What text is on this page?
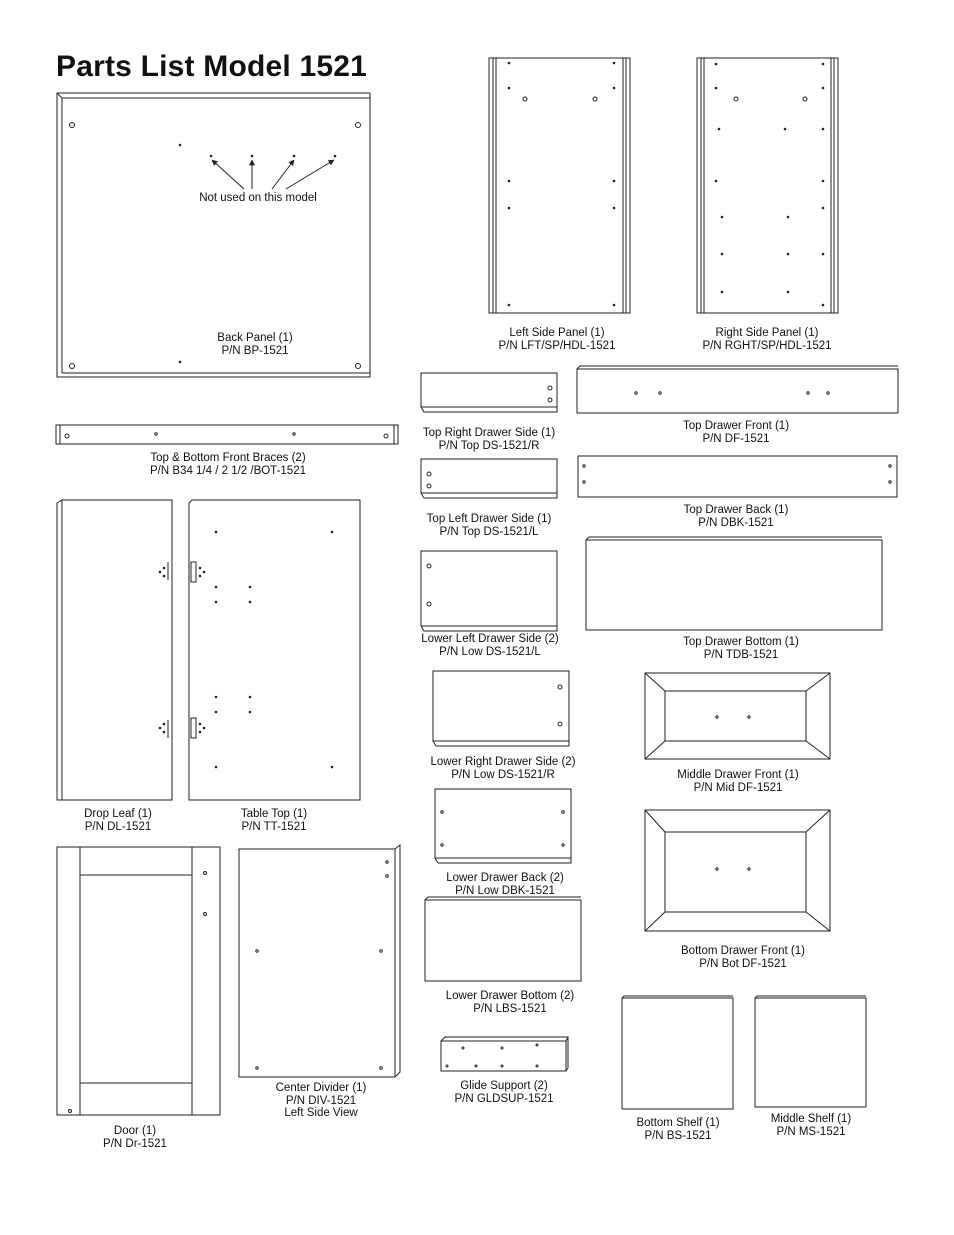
Parts List Model 1521
Not used on this model
Back Panel (1)
P/N BP-1521
Left Side Panel (1)
P/N LFT/SP/HDL-1521
Right Side Panel (1)
P/N RGHT/SP/HDL-1521
Top & Bottom Front Braces (2)
P/N B34 1/4 / 2 1/2 /BOT-1521
Top Right Drawer Side (1)
P/N Top DS-1521/R
Top Drawer Front (1)
P/N DF-1521
Top Left Drawer Side (1)
P/N Top DS-1521/L
Top Drawer Back (1)
P/N DBK-1521
Lower Left Drawer Side (2)
P/N Low DS-1521/L
Top Drawer Bottom (1)
P/N TDB-1521
Lower Right Drawer Side (2)
P/N Low DS-1521/R	Middle Drawer Front (1)
P/N Mid DF-1521
Drop Leaf (1)
P/N DL-1521
Table Top (1)
P/N TT-1521
Lower Drawer Back (2)
P/N Low DBK-1521
Bottom Drawer Front (1)
P/N Bot DF-1521
Lower Drawer Bottom (2)
P/N LBS-1521
Center Divider (1)
P/N DIV-1521
Left Side View
Glide Support (2)
P/N GLDSUP-1521
Door (1)
P/N Dr-1521
Bottom Shelf (1)
P/N BS-1521
Middle Shelf (1)
P/N MS-1521
